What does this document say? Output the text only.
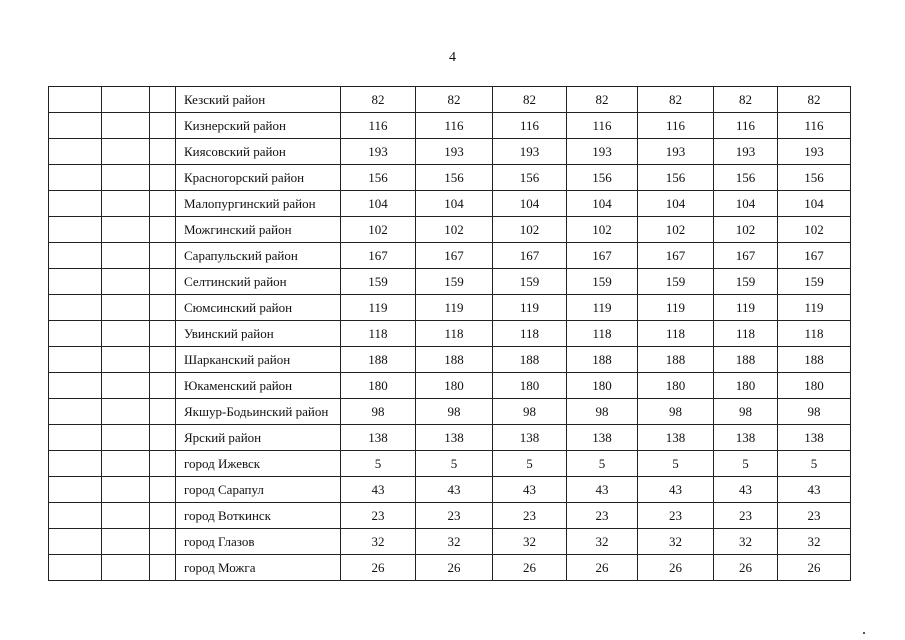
4
			Кезский район	82	82	82	82	82	82	82
			Кизнерский район	116	116	116	116	116	116	116
			Киясовский район	193	193	193	193	193	193	193
			Красногорский район	156	156	156	156	156	156	156
			Малопургинский район	104	104	104	104	104	104	104
			Можгинский район	102	102	102	102	102	102	102
			Сарапульский район	167	167	167	167	167	167	167
			Селтинский район	159	159	159	159	159	159	159
			Сюмсинский район	119	119	119	119	119	119	119
			Увинский район	118	118	118	118	118	118	118
			Шарканский район	188	188	188	188	188	188	188
			Юкаменский район	180	180	180	180	180	180	180
			Якшур-Бодьинский район	98	98	98	98	98	98	98
			Ярский район	138	138	138	138	138	138	138
			город Ижевск	5	5	5	5	5	5	5
			город Сарапул	43	43	43	43	43	43	43
			город Воткинск	23	23	23	23	23	23	23
			город Глазов	32	32	32	32	32	32	32
			город Можга	26	26	26	26	26	26	26
